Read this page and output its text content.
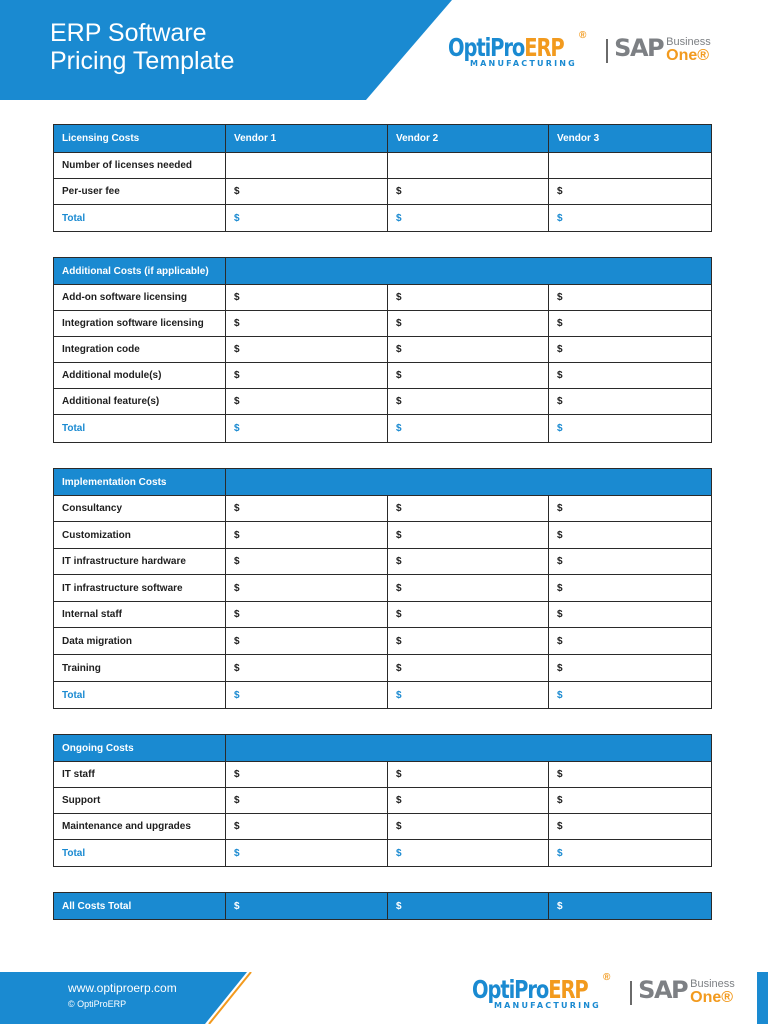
ERP Software
Pricing Template	OptiProERP ®
MANUFACTURING
SAP Business
One®
Licensing Costs	Vendor 1	Vendor 2	Vendor 3
Number of licenses needed			
Per-user fee	$	$	$
Total	$	$	$
Additional Costs (if applicable)			
Add-on software licensing	$	$	$
Integration software licensing	$	$	$
Integration code	$	$	$
Additional module(s)	$	$	$
Additional feature(s)	$	$	$
Total	$	$	$
Implementation Costs			
Consultancy	$	$	$
Customization	$	$	$
IT infrastructure hardware	$	$	$
IT infrastructure software	$	$	$
Internal staff	$	$	$
Data migration	$	$	$
Training	$	$	$
Total	$	$	$
Ongoing Costs			
IT staff	$	$	$
Support	$	$	$
Maintenance and upgrades	$	$	$
Total	$	$	$
All Costs Total	$	$	$
www.optiproerp.com
© OptiProERP	OptiProERP ®
MANUFACTURING
SAP Business
One®
